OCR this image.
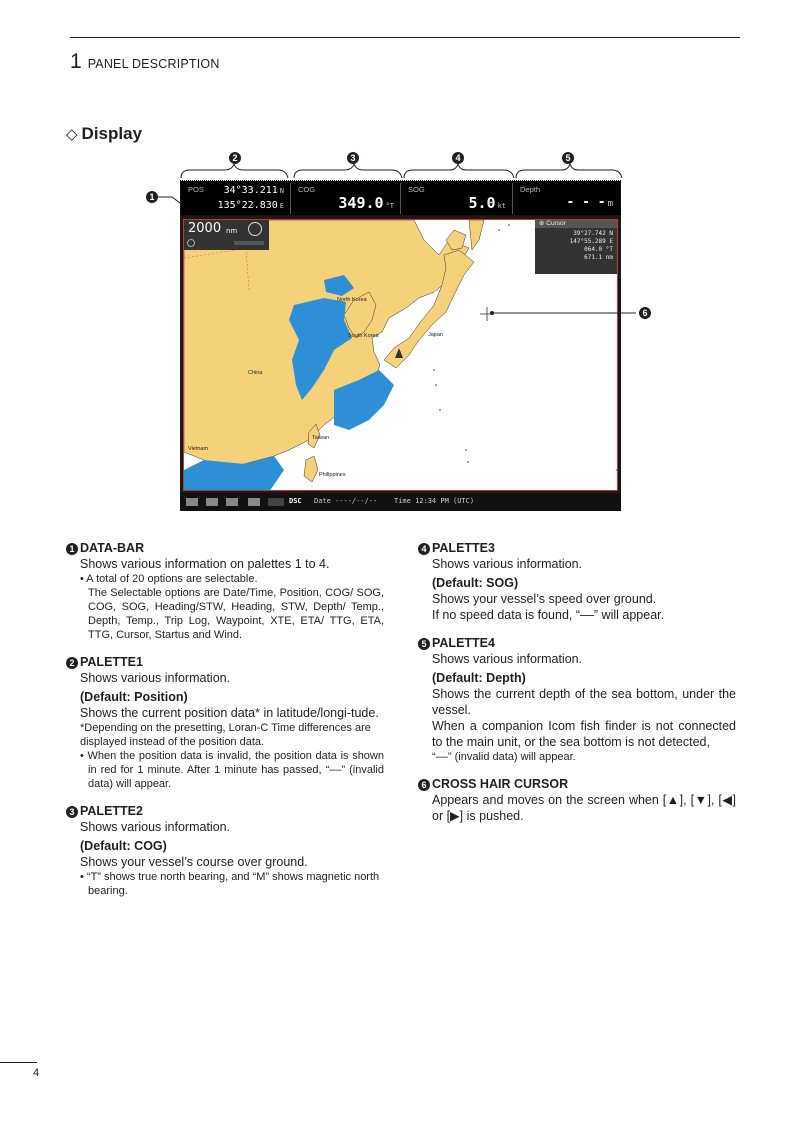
1 PANEL DESCRIPTION
◇ Display
2	3	4	5
1
POS 34°33.211 N
135°22.830 E
COG
349.0 °T
SOG
5.0 kt
Depth
- - - m
North Korea
South Korea
China
Japan
Taiwan
Vietnam
Philippines
2000 nm
⊕ Cursor
39°27.742 N
147°55.289 E
064.0 °T
671.1 nm
DSC Date ----/--/-- Time 12:34 PM (UTC)
6
1 DATA-BAR
Shows various information on palettes 1 to 4.
• A total of 20 options are selectable.
The Selectable options are Date/Time, Position, COG/ SOG, COG, SOG, Heading/STW, Heading, STW, Depth/ Temp., Depth, Temp., Trip Log, Waypoint, XTE, ETA/ TTG, ETA, TTG, Cursor, Startus and Wind.
2 PALETTE1
Shows various information.
(Default: Position)
Shows the current position data* in latitude/longi-tude.
*Depending on the presetting, Loran-C Time differences are displayed instead of the position data.
• When the position data is invalid, the position data is shown in red for 1 minute. After 1 minute has passed, “––” (invalid data) will appear.
3 PALETTE2
Shows various information.
(Default: COG)
Shows your vessel’s course over ground.
• “T” shows true north bearing, and “M” shows magnetic north bearing.
4 PALETTE3
Shows various information.
(Default: SOG)
Shows your vessel’s speed over ground.
If no speed data is found, “––” will appear.
5 PALETTE4
Shows various information.
(Default: Depth)
Shows the current depth of the sea bottom, under the vessel.
When a companion Icom fish finder is not connected to the main unit, or the sea bottom is not detected,
“––” (invalid data) will appear.
6 CROSS HAIR CURSOR
Appears and moves on the screen when [▲], [▼], [◀] or [▶] is pushed.
4
